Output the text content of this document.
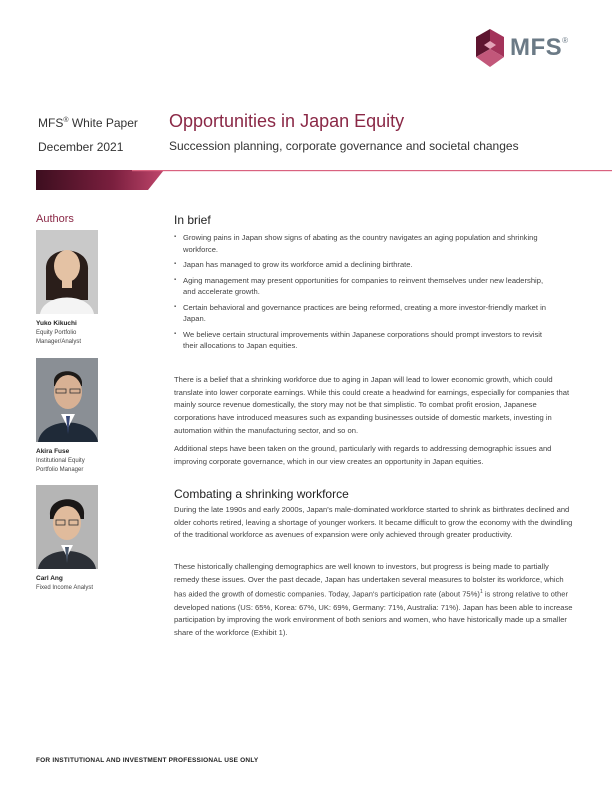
MFS®
MFS® White Paper
December 2021
Opportunities in Japan Equity
Succession planning, corporate governance and societal changes
Authors
Yuko Kikuchi
Equity Portfolio
Manager/Analyst
Akira Fuse
Institutional Equity
Portfolio Manager
Carl Ang
Fixed Income Analyst
In brief
▪ Growing pains in Japan show signs of abating as the country navigates an aging population and shrinking workforce.
▪ Japan has managed to grow its workforce amid a declining birthrate.
▪ Aging management may present opportunities for companies to reinvent themselves under new leadership, and accelerate growth.
▪ Certain behavioral and governance practices are being reformed, creating a more investor-friendly market in Japan.
▪ We believe certain structural improvements within Japanese corporations should prompt investors to revisit their allocations to Japan equities.

There is a belief that a shrinking workforce due to aging in Japan will lead to lower economic growth, which could translate into lower corporate earnings. While this could create a headwind for earnings, especially for companies that mainly source revenue domestically, the story may not be that simplistic. To combat profit erosion, Japanese corporations have introduced measures such as expanding businesses outside of domestic markets, investing in automation within the manufacturing sector, and so on.

Additional steps have been taken on the ground, particularly with regards to addressing demographic issues and improving corporate governance, which in our view creates an opportunity in Japan equities.

Combating a shrinking workforce

During the late 1990s and early 2000s, Japan's male-dominated workforce started to shrink as birthrates declined and older cohorts retired, leaving a shortage of younger workers. It became difficult to grow the economy with the dwindling of the traditional workforce as avenues of expansion were only achieved through greater productivity.

These historically challenging demographics are well known to investors, but progress is being made to partially remedy these issues. Over the past decade, Japan has undertaken several measures to bolster its workforce, which has aided the growth of domestic companies. Today, Japan's participation rate (about 75%)$^1$ is strong relative to other developed nations (US: 65%, Korea: 67%, UK: 69%, Germany: 71%, Australia: 71%). Japan has been able to increase participation by improving the work environment of both seniors and women, who have historically made up a smaller share of the workforce (Exhibit 1).

FOR INSTITUTIONAL AND INVESTMENT PROFESSIONAL USE ONLY
